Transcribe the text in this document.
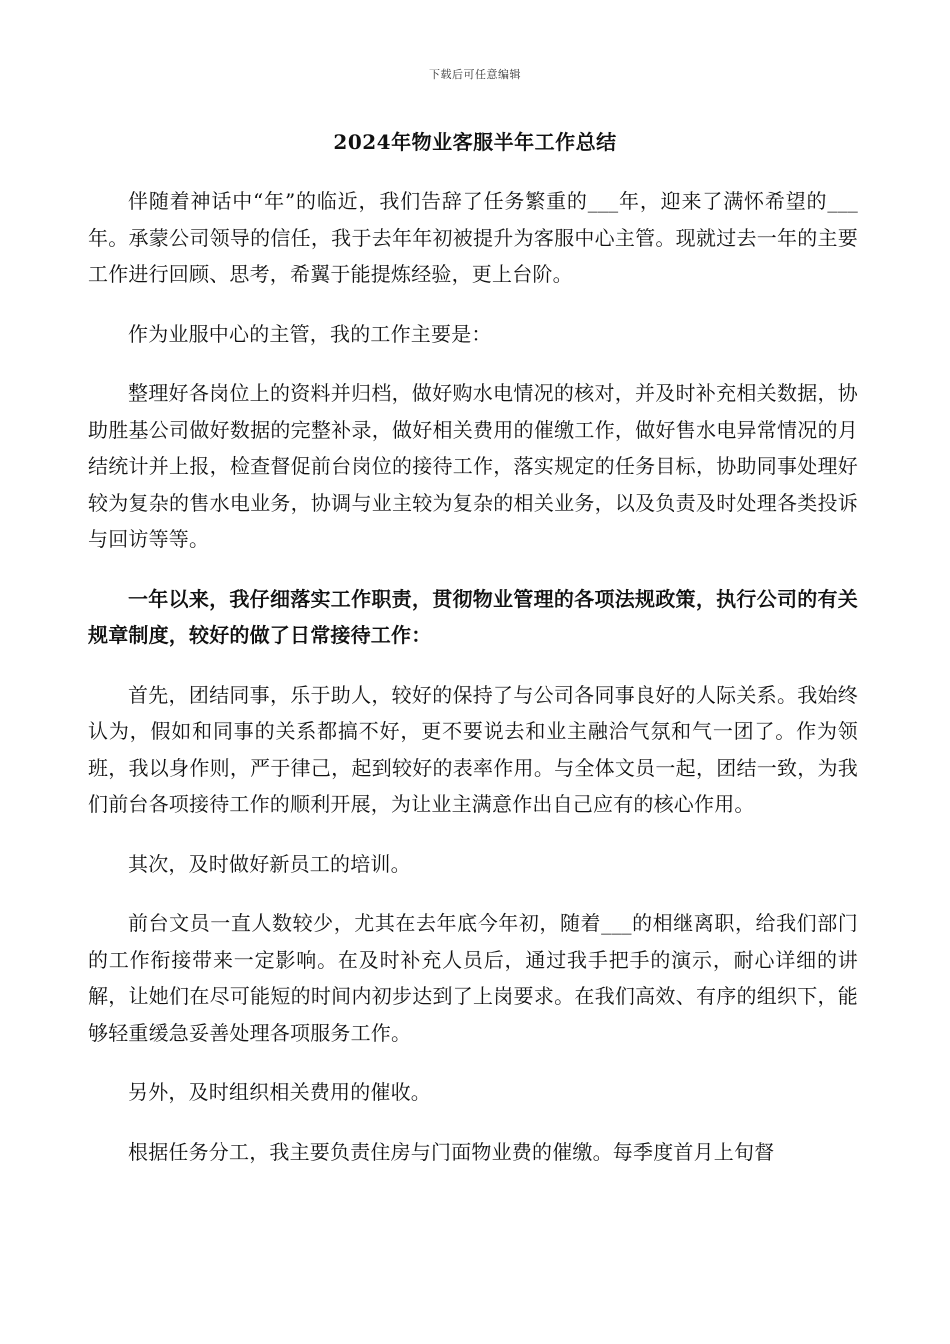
下载后可任意编辑
2024年物业客服半年工作总结

伴随着神话中“年”的临近，我们告辞了任务繁重的___年，迎来了满怀希望的___年。承蒙公司领导的信任，我于去年年初被提升为客服中心主管。现就过去一年的主要工作进行回顾、思考，希翼于能提炼经验，更上台阶。

作为业服中心的主管，我的工作主要是：

整理好各岗位上的资料并归档，做好购水电情况的核对，并及时补充相关数据，协助胜基公司做好数据的完整补录，做好相关费用的催缴工作，做好售水电异常情况的月结统计并上报，检查督促前台岗位的接待工作，落实规定的任务目标，协助同事处理好较为复杂的售水电业务，协调与业主较为复杂的相关业务，以及负责及时处理各类投诉与回访等等。

一年以来，我仔细落实工作职责，贯彻物业管理的各项法规政策，执行公司的有关规章制度，较好的做了日常接待工作：

首先，团结同事，乐于助人，较好的保持了与公司各同事良好的人际关系。我始终认为，假如和同事的关系都搞不好，更不要说去和业主融洽气氛和气一团了。作为领班，我以身作则，严于律己，起到较好的表率作用。与全体文员一起，团结一致，为我们前台各项接待工作的顺利开展，为让业主满意作出自己应有的核心作用。

其次，及时做好新员工的培训。

前台文员一直人数较少，尤其在去年底今年初，随着___的相继离职，给我们部门的工作衔接带来一定影响。在及时补充人员后，通过我手把手的演示，耐心详细的讲解，让她们在尽可能短的时间内初步达到了上岗要求。在我们高效、有序的组织下，能够轻重缓急妥善处理各项服务工作。

另外，及时组织相关费用的催收。

根据任务分工，我主要负责住房与门面物业费的催缴。每季度首月上旬督
